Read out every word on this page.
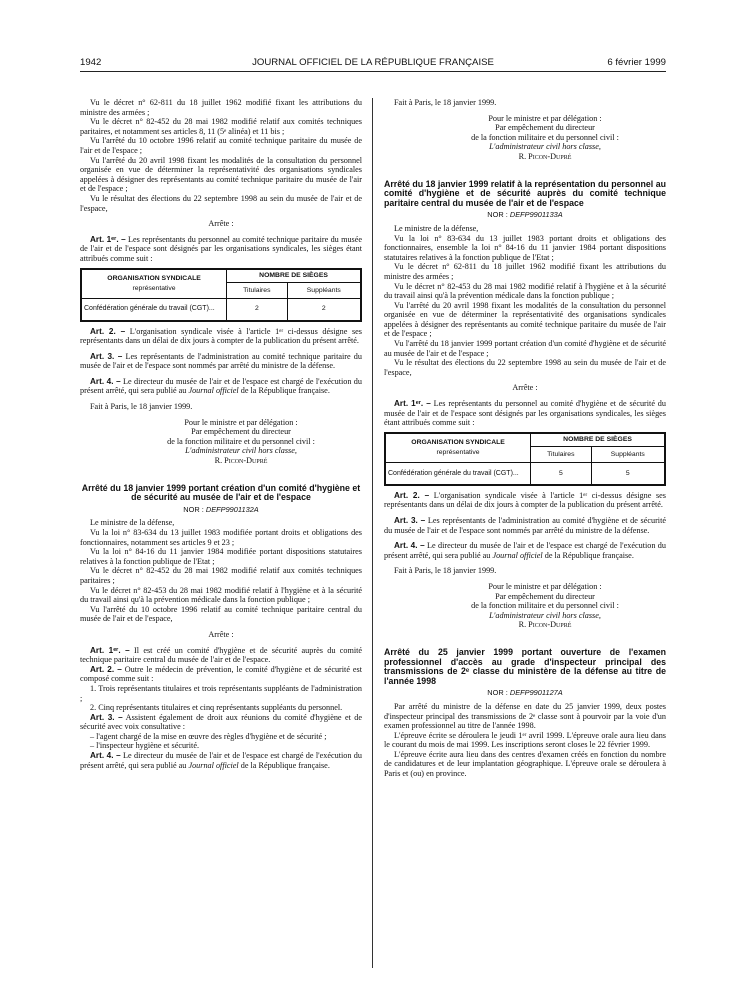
1942	JOURNAL OFFICIEL DE LA RÉPUBLIQUE FRANÇAISE	6 février 1999

Vu le décret n° 62-811 du 18 juillet 1962 modifié fixant les attributions du ministre des armées ;

Vu le décret n° 82-452 du 28 mai 1982 modifié relatif aux comités techniques paritaires, et notamment ses articles 8, 11 (5ᵉ alinéa) et 11 bis ;

Vu l'arrêté du 10 octobre 1996 relatif au comité technique paritaire du musée de l'air et de l'espace ;

Vu l'arrêté du 20 avril 1998 fixant les modalités de la consultation du personnel organisée en vue de déterminer la représentativité des organisations syndicales appelées à désigner des représentants au comité technique paritaire du musée de l'air et de l'espace ;

Vu le résultat des élections du 22 septembre 1998 au sein du musée de l'air et de l'espace,

Arrête :

Art. 1ᵉʳ. – Les représentants du personnel au comité technique paritaire du musée de l'air et de l'espace sont désignés par les organisations syndicales, les sièges étant attribués comme suit :

ORGANISATION SYNDICALE
représentative	NOMBRE DE SIÈGES	
	Titulaires	Suppléants
Confédération générale du travail (CGT)...	2	2

Art. 2. – L'organisation syndicale visée à l'article 1ᵉʳ ci-dessus désigne ses représentants dans un délai de dix jours à compter de la publication du présent arrêté.

Art. 3. – Les représentants de l'administration au comité technique paritaire du musée de l'air et de l'espace sont nommés par arrêté du ministre de la défense.

Art. 4. – Le directeur du musée de l'air et de l'espace est chargé de l'exécution du présent arrêté, qui sera publié au Journal officiel de la République française.

Fait à Paris, le 18 janvier 1999.

Pour le ministre et par délégation :

Par empêchement du directeur

de la fonction militaire et du personnel civil :

L'administrateur civil hors classe,

R. Picon-Dupré

Arrêté du 18 janvier 1999 portant création d'un comité d'hygiène et de sécurité au musée de l'air et de l'espace
NOR : DEFP9901132A

Le ministre de la défense,

Vu la loi n° 83-634 du 13 juillet 1983 modifiée portant droits et obligations des fonctionnaires, notamment ses articles 9 et 23 ;

Vu la loi n° 84-16 du 11 janvier 1984 modifiée portant dispositions statutaires relatives à la fonction publique de l'Etat ;

Vu le décret n° 82-452 du 28 mai 1982 modifié relatif aux comités techniques paritaires ;

Vu le décret n° 82-453 du 28 mai 1982 modifié relatif à l'hygiène et à la sécurité du travail ainsi qu'à la prévention médicale dans la fonction publique ;

Vu l'arrêté du 10 octobre 1996 relatif au comité technique paritaire central du musée de l'air et de l'espace,

Arrête :

Art. 1ᵉʳ. – Il est créé un comité d'hygiène et de sécurité auprès du comité technique paritaire central du musée de l'air et de l'espace.

Art. 2. – Outre le médecin de prévention, le comité d'hygiène et de sécurité est composé comme suit :

1. Trois représentants titulaires et trois représentants suppléants de l'administration ;

2. Cinq représentants titulaires et cinq représentants suppléants du personnel.

Art. 3. – Assistent également de droit aux réunions du comité d'hygiène et de sécurité avec voix consultative :

– l'agent chargé de la mise en œuvre des règles d'hygiène et de sécurité ;

– l'inspecteur hygiène et sécurité.

Art. 4. – Le directeur du musée de l'air et de l'espace est chargé de l'exécution du présent arrêté, qui sera publié au Journal officiel de la République française.

Fait à Paris, le 18 janvier 1999.

Pour le ministre et par délégation :

Par empêchement du directeur

de la fonction militaire et du personnel civil :

L'administrateur civil hors classe,

R. Picon-Dupré

Arrêté du 18 janvier 1999 relatif à la représentation du personnel au comité d'hygiène et de sécurité auprès du comité technique paritaire central du musée de l'air et de l'espace
NOR : DEFP9901133A

Le ministre de la défense,

Vu la loi n° 83-634 du 13 juillet 1983 portant droits et obligations des fonctionnaires, ensemble la loi n° 84-16 du 11 janvier 1984 portant dispositions statutaires relatives à la fonction publique de l'Etat ;

Vu le décret n° 62-811 du 18 juillet 1962 modifié fixant les attributions du ministre des armées ;

Vu le décret n° 82-453 du 28 mai 1982 modifié relatif à l'hygiène et à la sécurité du travail ainsi qu'à la prévention médicale dans la fonction publique ;

Vu l'arrêté du 20 avril 1998 fixant les modalités de la consultation du personnel organisée en vue de déterminer la représentativité des organisations syndicales appelées à désigner des représentants au comité technique paritaire du musée de l'air et de l'espace ;

Vu l'arrêté du 18 janvier 1999 portant création d'un comité d'hygiène et de sécurité au musée de l'air et de l'espace ;

Vu le résultat des élections du 22 septembre 1998 au sein du musée de l'air et de l'espace,

Arrête :

Art. 1ᵉʳ. – Les représentants du personnel au comité d'hygiène et de sécurité du musée de l'air et de l'espace sont désignés par les organisations syndicales, les sièges étant attribués comme suit :

ORGANISATION SYNDICALE
représentative	NOMBRE DE SIÈGES	
	Titulaires	Suppléants
Confédération générale du travail (CGT)...	5	5

Art. 2. – L'organisation syndicale visée à l'article 1ᵉʳ ci-dessus désigne ses représentants dans un délai de dix jours à compter de la publication du présent arrêté.

Art. 3. – Les représentants de l'administration au comité d'hygiène et de sécurité du musée de l'air et de l'espace sont nommés par arrêté du ministre de la défense.

Art. 4. – Le directeur du musée de l'air et de l'espace est chargé de l'exécution du présent arrêté, qui sera publié au Journal officiel de la République française.

Fait à Paris, le 18 janvier 1999.

Pour le ministre et par délégation :

Par empêchement du directeur

de la fonction militaire et du personnel civil :

L'administrateur civil hors classe,

R. Picon-Dupré

Arrêté du 25 janvier 1999 portant ouverture de l'examen professionnel d'accès au grade d'inspecteur principal des transmissions de 2ᵉ classe du ministère de la défense au titre de l'année 1998
NOR : DEFP9901127A

Par arrêté du ministre de la défense en date du 25 janvier 1999, deux postes d'inspecteur principal des transmissions de 2ᵉ classe sont à pourvoir par la voie d'un examen professionnel au titre de l'année 1998.

L'épreuve écrite se déroulera le jeudi 1ᵉʳ avril 1999. L'épreuve orale aura lieu dans le courant du mois de mai 1999. Les inscriptions seront closes le 22 février 1999.

L'épreuve écrite aura lieu dans des centres d'examen créés en fonction du nombre de candidatures et de leur implantation géographique. L'épreuve orale se déroulera à Paris et (ou) en province.
